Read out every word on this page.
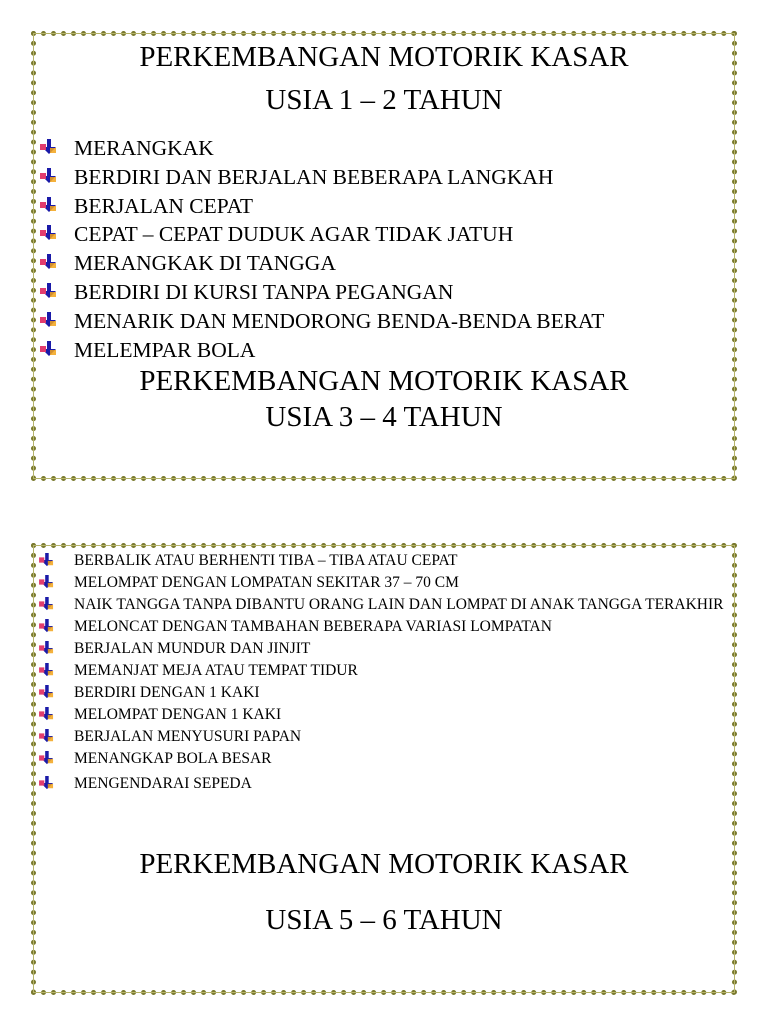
PERKEMBANGAN MOTORIK KASAR
USIA 1 – 2 TAHUN
MERANGKAK
BERDIRI DAN BERJALAN BEBERAPA LANGKAH
BERJALAN CEPAT
CEPAT – CEPAT DUDUK AGAR TIDAK JATUH
MERANGKAK DI TANGGA
BERDIRI DI KURSI TANPA PEGANGAN
MENARIK DAN MENDORONG BENDA-BENDA BERAT
MELEMPAR BOLA
PERKEMBANGAN MOTORIK KASAR
USIA 3 – 4 TAHUN
BERBALIK ATAU BERHENTI TIBA – TIBA ATAU CEPAT
MELOMPAT DENGAN LOMPATAN SEKITAR 37 – 70 CM
NAIK TANGGA TANPA DIBANTU ORANG LAIN DAN LOMPAT DI ANAK TANGGA TERAKHIR
MELONCAT DENGAN TAMBAHAN BEBERAPA VARIASI LOMPATAN
BERJALAN MUNDUR DAN JINJIT
MEMANJAT MEJA ATAU TEMPAT TIDUR
BERDIRI DENGAN 1 KAKI
MELOMPAT DENGAN 1 KAKI
BERJALAN MENYUSURI PAPAN
MENANGKAP BOLA BESAR
MENGENDARAI SEPEDA
PERKEMBANGAN MOTORIK KASAR
USIA 5 – 6 TAHUN
